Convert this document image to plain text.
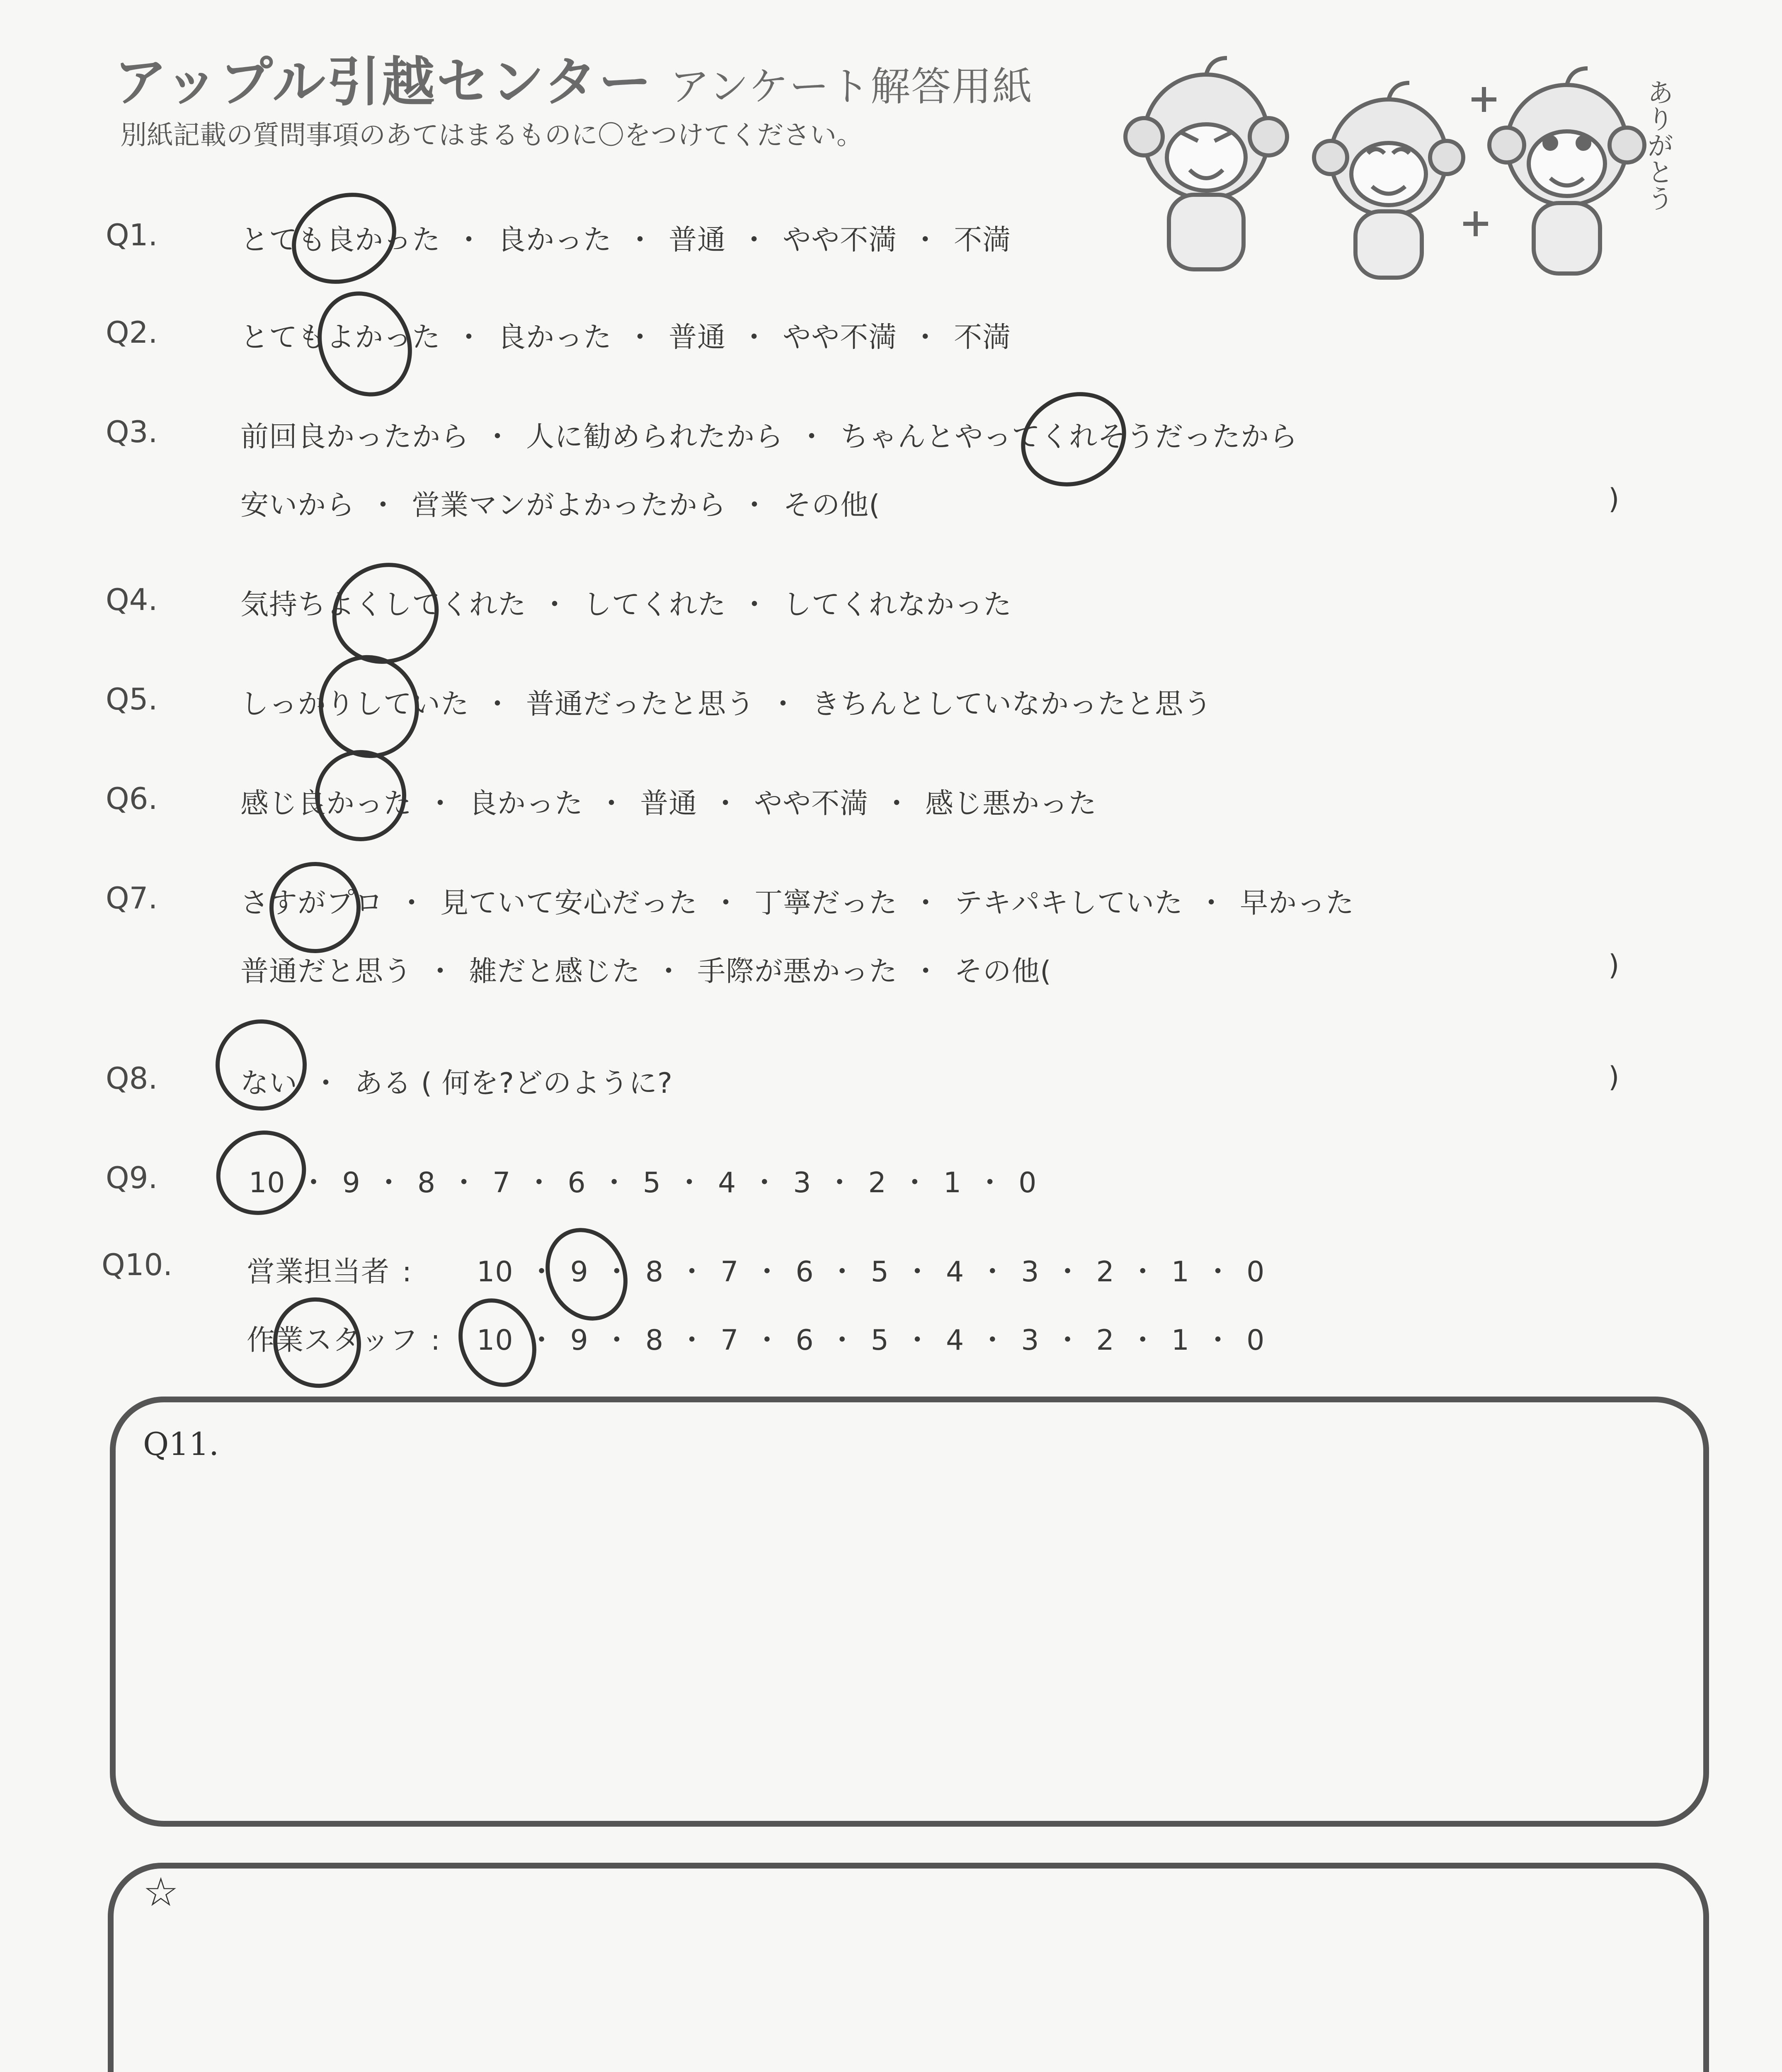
アップル引越センター アンケート解答用紙
別紙記載の質問事項のあてはまるものに〇をつけてください。	ありがとう
Q1.	とても良かった ・ 良かった ・ 普通 ・ やや不満 ・ 不満
Q2.	とてもよかった ・ 良かった ・ 普通 ・ やや不満 ・ 不満
Q3.	前回良かったから ・ 人に勧められたから ・ ちゃんとやってくれそうだったから
安いから ・ 営業マンがよかったから ・ その他(	)
Q4.	気持ちよくしてくれた ・ してくれた ・ してくれなかった
Q5.	しっかりしていた ・ 普通だったと思う ・ きちんとしていなかったと思う
Q6.	感じ良かった ・ 良かった ・ 普通 ・ やや不満 ・ 感じ悪かった
Q7.	さすがプロ ・ 見ていて安心だった ・ 丁寧だった ・ テキパキしていた ・ 早かった
普通だと思う ・ 雑だと感じた ・ 手際が悪かった ・ その他(	)
Q8.	ない ・ ある ( 何を?どのように?	)
Q9.	10 ・ 9 ・ 8 ・ 7 ・ 6 ・ 5 ・ 4 ・ 3 ・ 2 ・ 1 ・ 0
Q10.	営業担当者 : 10 ・ 9 ・ 8 ・ 7 ・ 6 ・ 5 ・ 4 ・ 3 ・ 2 ・ 1 ・ 0
作業スタッフ : 10 ・ 9 ・ 8 ・ 7 ・ 6 ・ 5 ・ 4 ・ 3 ・ 2 ・ 1 ・ 0
Q11.
☆
